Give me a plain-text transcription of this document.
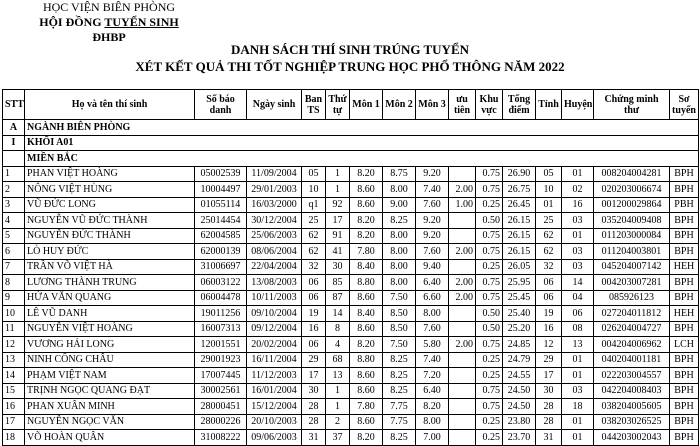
HỌC VIỆN BIÊN PHÒNG
HỘI ĐỒNG TUYỂN SINH ĐHBP
DANH SÁCH THÍ SINH TRÚNG TUYỂN
XÉT KẾT QUẢ THI TỐT NGHIỆP TRUNG HỌC PHỔ THÔNG NĂM 2022
STT	Họ và tên thí sinh	Số báo danh	Ngày sinh	Ban TS	Thứ tự	Môn 1	Môn 2	Môn 3	ưu tiên	Khu vực	Tổng điểm	Tỉnh	Huyện	Chứng minh thư	Sơ tuyển
A	NGÀNH BIÊN PHÒNG														
I	KHỐI A01														
	MIỀN BẮC														
1	PHAN VIỆT HOÀNG	05002539	11/09/2004	05	1	8.20	8.75	9.20		0.75	26.90	05	01	008204004281	BPH
2	NÔNG VIỆT HÙNG	10004497	29/01/2003	10	1	8.60	8.00	7.40	2.00	0.75	26.75	10	02	020203006674	BPH
3	VŨ ĐỨC LONG	01055114	16/03/2000	q1	92	8.60	9.00	7.60	1.00	0.25	26.45	01	16	001200029864	PBH
4	NGUYỄN VŨ ĐỨC THÀNH	25014454	30/12/2004	25	17	8.20	8.25	9.20		0.50	26.15	25	03	035204009408	BPH
5	NGUYỄN ĐỨC THÀNH	62004585	25/06/2003	62	91	8.20	8.00	9.20		0.75	26.15	62	01	011203000084	BPH
6	LÒ HUY ĐỨC	62000139	08/06/2004	62	41	7.80	8.00	7.60	2.00	0.75	26.15	62	03	011204003801	BPH
7	TRẦN VÕ VIỆT HÀ	31006697	22/04/2004	32	30	8.40	8.00	9.40		0.25	26.05	32	03	045204007142	HEH
8	LƯƠNG THÀNH TRUNG	06003122	13/08/2003	06	85	8.80	8.00	6.40	2.00	0.75	25.95	06	14	004203007281	BPH
9	HỨA VĂN QUANG	06004478	10/11/2003	06	87	8.60	7.50	6.60	2.00	0.75	25.45	06	04	085926123	BPH
10	LÊ VŨ DANH	19011256	09/10/2004	19	14	8.40	8.50	8.00		0.50	25.40	19	06	027204011812	HEH
11	NGUYỄN VIỆT HOÀNG	16007313	09/12/2004	16	8	8.60	8.50	7.60		0.50	25.20	16	08	026204004727	BPH
12	VƯƠNG HẢI LONG	12001551	20/02/2004	06	4	8.20	7.50	5.80	2.00	0.75	24.85	12	13	004204006962	LCH
13	NINH CÔNG CHÂU	29001923	16/11/2004	29	68	8.80	8.25	7.40		0.25	24.79	29	01	040204001181	BPH
14	PHẠM VIỆT NAM	17007445	11/12/2003	17	13	8.60	8.25	7.20		0.25	24.55	17	01	022203004557	BPH
15	TRỊNH NGỌC QUANG ĐẠT	30002561	16/01/2004	30	1	8.60	8.25	6.40		0.75	24.50	30	03	042204008403	BPH
16	PHAN XUÂN MINH	28000451	15/12/2004	28	1	7.80	7.75	8.20		0.75	24.50	28	18	038204005605	BPH
17	NGUYỄN NGỌC VĂN	28000226	20/10/2003	28	2	8.60	7.75	8.00		0.25	23.80	28	01	038203026525	BPH
18	VÕ HOÀN QUÂN	31008222	09/06/2003	31	37	8.20	8.25	7.00		0.25	23.70	31	01	044203002043	BPH
